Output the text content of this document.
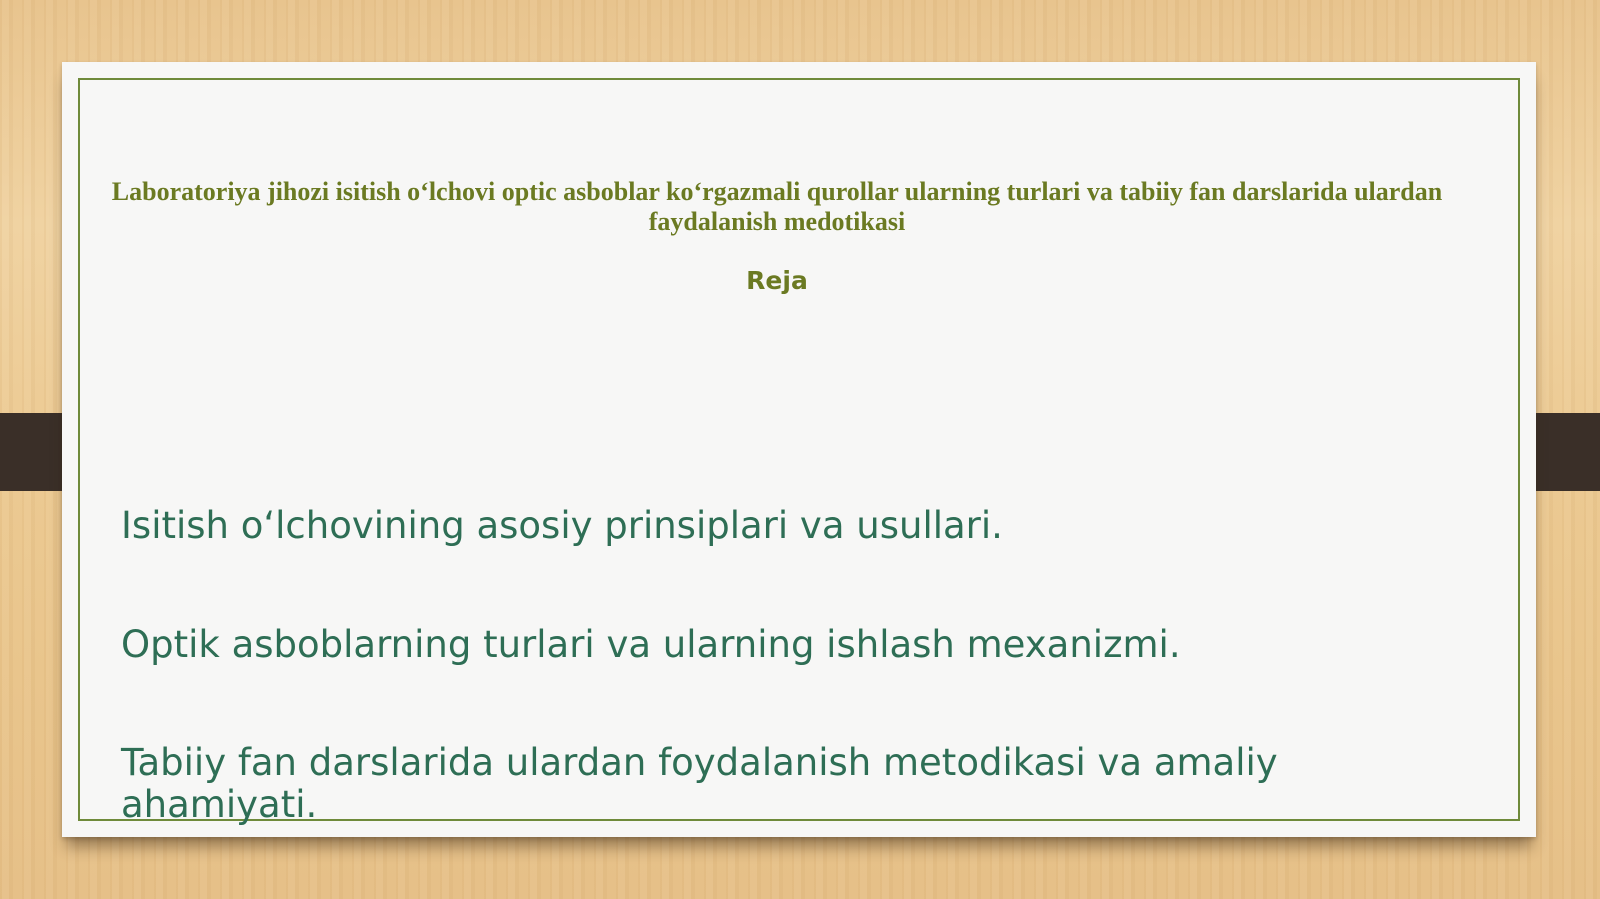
Laboratoriya jihozi isitish o‘lchovi optic asboblar ko‘rgazmali qurollar ularning turlari va tabiiy fan darslarida ulardan faydalanish medotikasi
Reja
Isitish o‘lchovining asosiy prinsiplari va usullari.
Optik asboblarning turlari va ularning ishlash mexanizmi.
Tabiiy fan darslarida ulardan foydalanish metodikasi va amaliy ahamiyati.
